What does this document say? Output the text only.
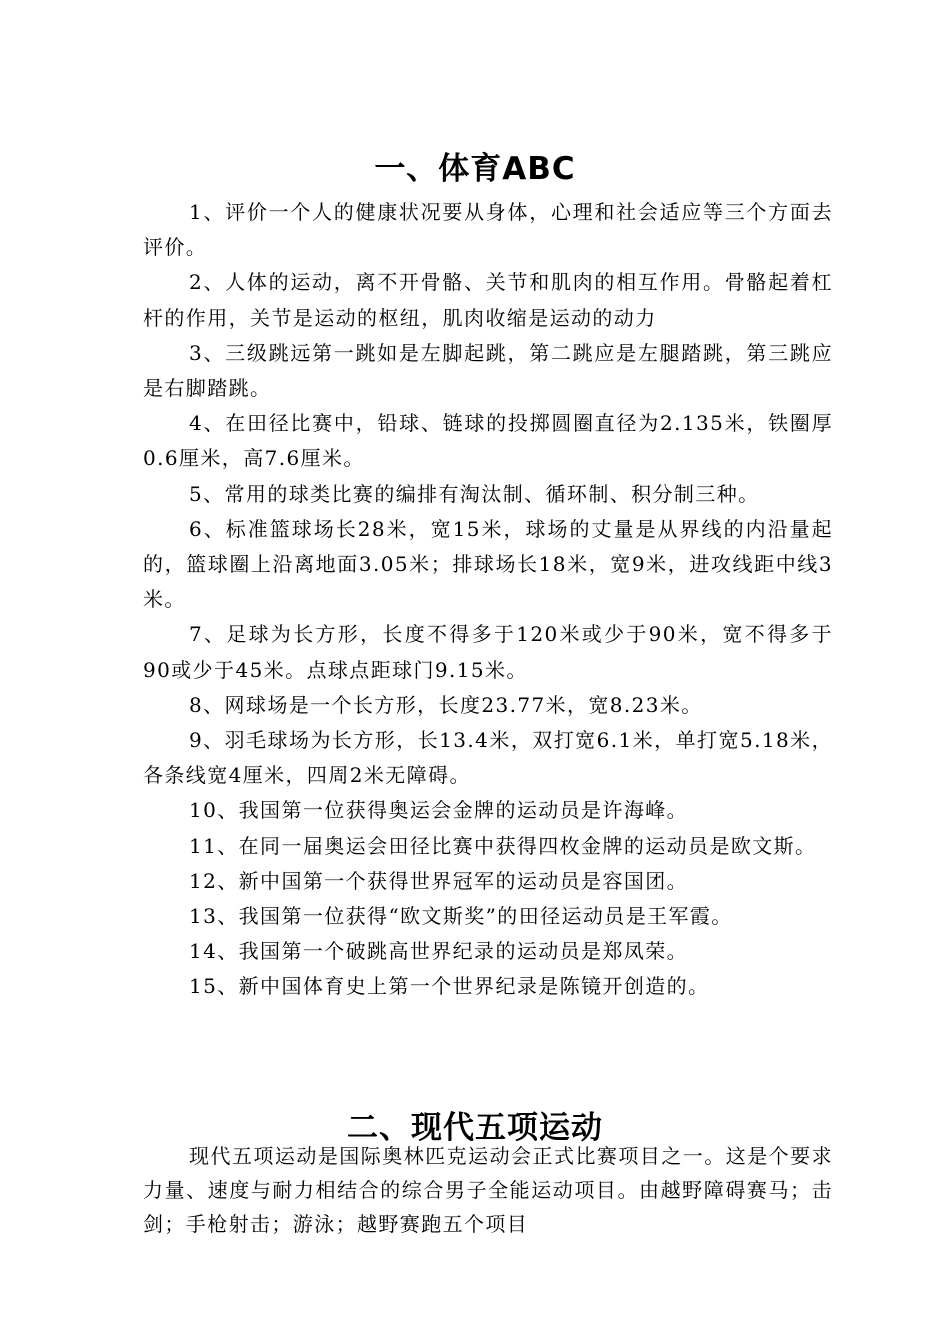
一、体育ABC

1、评价一个人的健康状况要从身体，心理和社会适应等三个方面去评价。

2、人体的运动，离不开骨骼、关节和肌肉的相互作用。骨骼起着杠杆的作用，关节是运动的枢纽，肌肉收缩是运动的动力

3、三级跳远第一跳如是左脚起跳，第二跳应是左腿踏跳，第三跳应是右脚踏跳。

4、在田径比赛中，铅球、链球的投掷圆圈直径为2.135米，铁圈厚0.6厘米，高7.6厘米。

5、常用的球类比赛的编排有淘汰制、循环制、积分制三种。

6、标准篮球场长28米，宽15米，球场的丈量是从界线的内沿量起的，篮球圈上沿离地面3.05米；排球场长18米，宽9米，进攻线距中线3米。

7、足球为长方形，长度不得多于120米或少于90米，宽不得多于90或少于45米。点球点距球门9.15米。

8、网球场是一个长方形，长度23.77米，宽8.23米。

9、羽毛球场为长方形，长13.4米，双打宽6.1米，单打宽5.18米，各条线宽4厘米，四周2米无障碍。

10、我国第一位获得奥运会金牌的运动员是许海峰。

11、在同一届奥运会田径比赛中获得四枚金牌的运动员是欧文斯。

12、新中国第一个获得世界冠军的运动员是容国团。

13、我国第一位获得“欧文斯奖”的田径运动员是王军霞。

14、我国第一个破跳高世界纪录的运动员是郑凤荣。

15、新中国体育史上第一个世界纪录是陈镜开创造的。

二、现代五项运动

现代五项运动是国际奥林匹克运动会正式比赛项目之一。这是个要求力量、速度与耐力相结合的综合男子全能运动项目。由越野障碍赛马；击剑；手枪射击；游泳；越野赛跑五个项目
